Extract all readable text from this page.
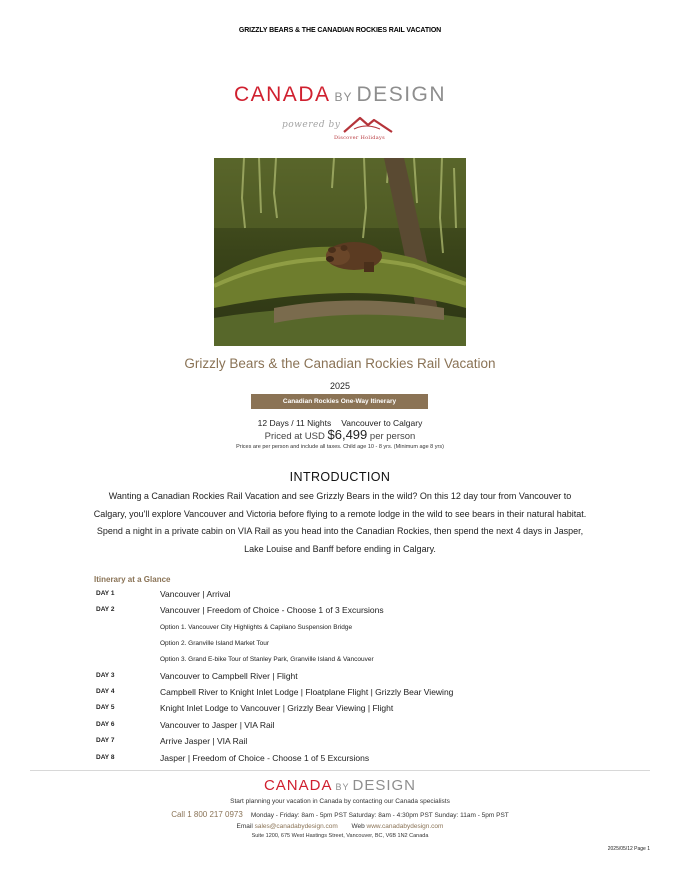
GRIZZLY BEARS & THE CANADIAN ROCKIES RAIL VACATION
CANADA BY DESIGN
powered by
Discover Holidays
Grizzly Bears & the Canadian Rockies Rail Vacation
2025
Canadian Rockies One-Way Itinerary
12 Days / 11 Nights Vancouver to Calgary
Priced at USD $6,499 per person
Prices are per person and include all taxes. Child age 10 - 8 yrs. (Minimum age 8 yrs)
INTRODUCTION
Wanting a Canadian Rockies Rail Vacation and see Grizzly Bears in the wild? On this 12 day tour from Vancouver to Calgary, you'll explore Vancouver and Victoria before flying to a remote lodge in the wild to see bears in their natural habitat. Spend a night in a private cabin on VIA Rail as you head into the Canadian Rockies, then spend the next 4 days in Jasper, Lake Louise and Banff before ending in Calgary.
Itinerary at a Glance
DAY 1	Vancouver | Arrival
DAY 2	Vancouver | Freedom of Choice - Choose 1 of 3 Excursions
Option 1. Vancouver City Highlights & Capilano Suspension Bridge
Option 2. Granville Island Market Tour
Option 3. Grand E-bike Tour of Stanley Park, Granville Island & Vancouver
DAY 3	Vancouver to Campbell River | Flight
DAY 4	Campbell River to Knight Inlet Lodge | Floatplane Flight | Grizzly Bear Viewing
DAY 5	Knight Inlet Lodge to Vancouver | Grizzly Bear Viewing | Flight
DAY 6	Vancouver to Jasper | VIA Rail
DAY 7	Arrive Jasper | VIA Rail
DAY 8	Jasper | Freedom of Choice - Choose 1 of 5 Excursions
CANADA BY DESIGN
Start planning your vacation in Canada by contacting our Canada specialists
Call 1 800 217 0973 Monday - Friday: 8am - 5pm PST Saturday: 8am - 4:30pm PST Sunday: 11am - 5pm PST
Email sales@canadabydesign.com Web www.canadabydesign.com
Suite 1200, 675 West Hastings Street, Vancouver, BC, V6B 1N2 Canada
2025/05/12 Page 1
